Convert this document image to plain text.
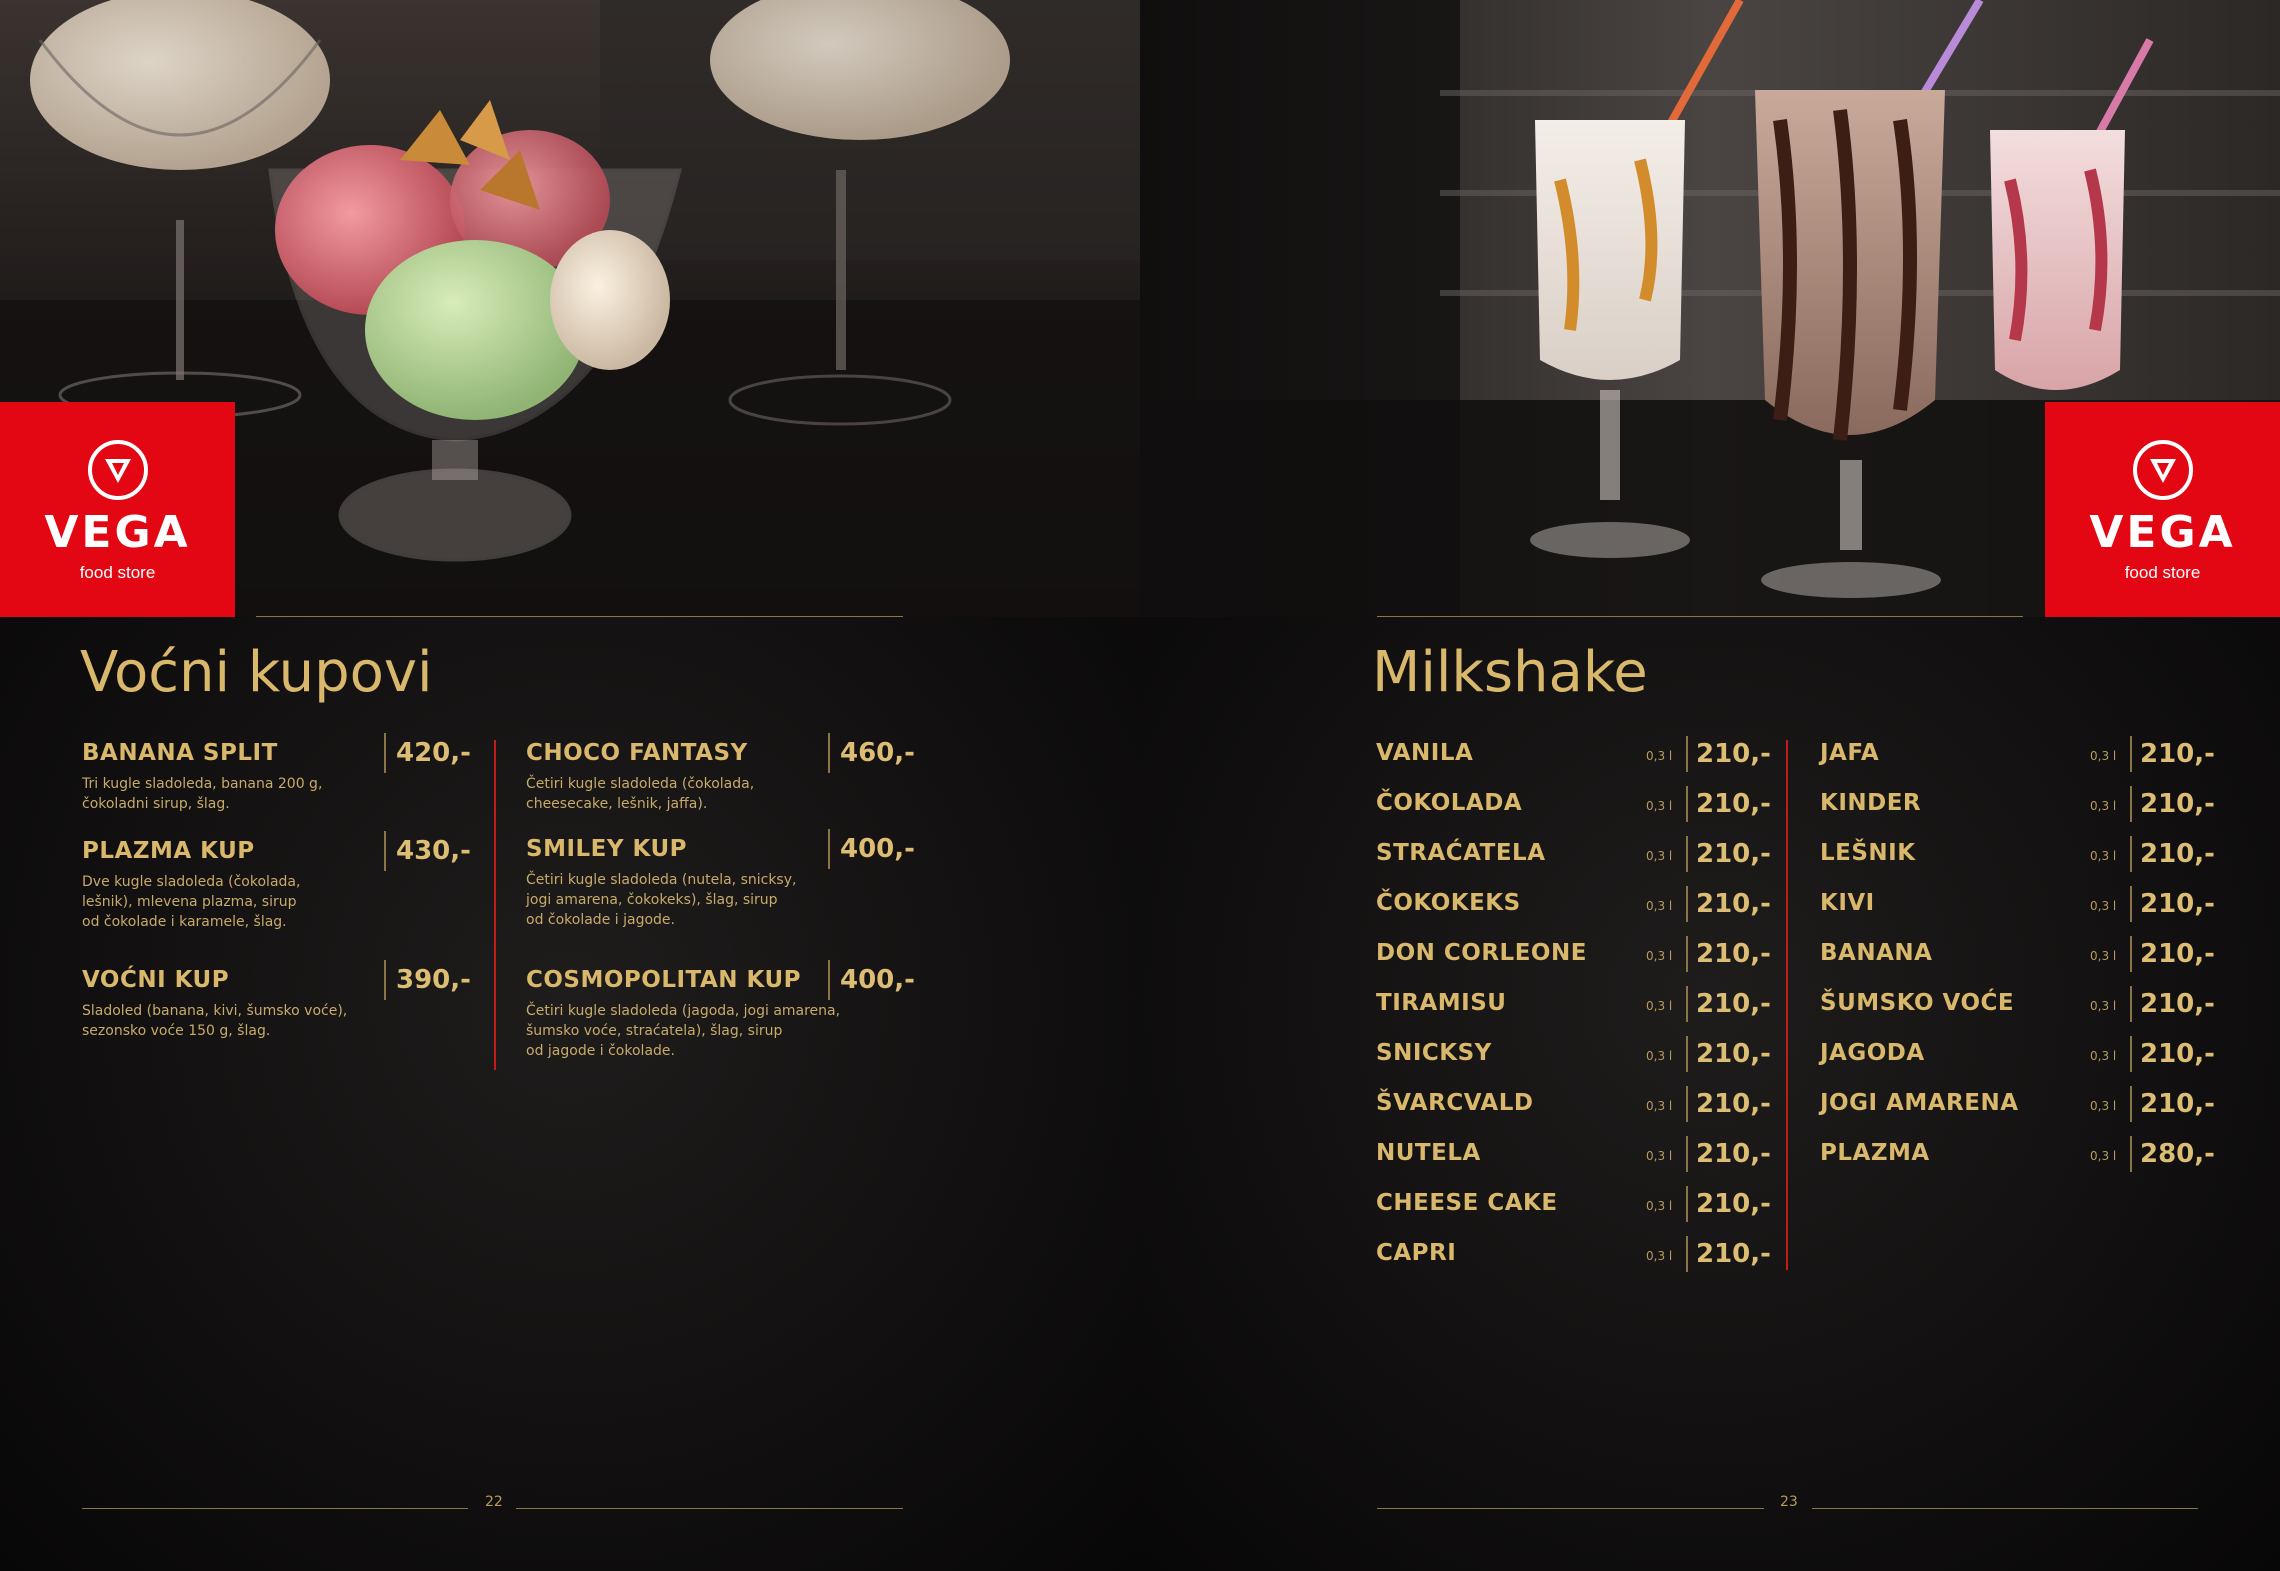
VEGA
food store
Voćni kupovi
BANANA SPLIT
Tri kugle sladoleda, banana 200 g,
čokoladni sirup, šlag.
420,-
PLAZMA KUP
Dve kugle sladoleda (čokolada,
lešnik), mlevena plazma, sirup
od čokolade i karamele, šlag.
430,-
VOĆNI KUP
Sladoled (banana, kivi, šumsko voće),
sezonsko voće 150 g, šlag.
390,-
CHOCO FANTASY
Četiri kugle sladoleda (čokolada,
cheesecake, lešnik, jaffa).
460,-
SMILEY KUP
Četiri kugle sladoleda (nutela, snicksy,
jogi amarena, čokokeks), šlag, sirup
od čokolade i jagode.
400,-
COSMOPOLITAN KUP
Četiri kugle sladoleda (jagoda, jogi amarena,
šumsko voće, straćatela), šlag, sirup
od jagode i čokolade.
400,-
22
VEGA
food store
Milkshake
VANILA	0,3 l 210,-
ČOKOLADA	0,3 l 210,-
STRAĆATELA	0,3 l 210,-
ČOKOKEKS	0,3 l 210,-
DON CORLEONE	0,3 l 210,-
TIRAMISU	0,3 l 210,-
SNICKSY	0,3 l 210,-
ŠVARCVALD	0,3 l 210,-
NUTELA	0,3 l 210,-
CHEESE CAKE	0,3 l 210,-
CAPRI	0,3 l 210,-
JAFA	0,3 l 210,-
KINDER	0,3 l 210,-
LEŠNIK	0,3 l 210,-
KIVI	0,3 l 210,-
BANANA	0,3 l 210,-
ŠUMSKO VOĆE	0,3 l 210,-
JAGODA	0,3 l 210,-
JOGI AMARENA	0,3 l 210,-
PLAZMA	0,3 l 280,-
23
